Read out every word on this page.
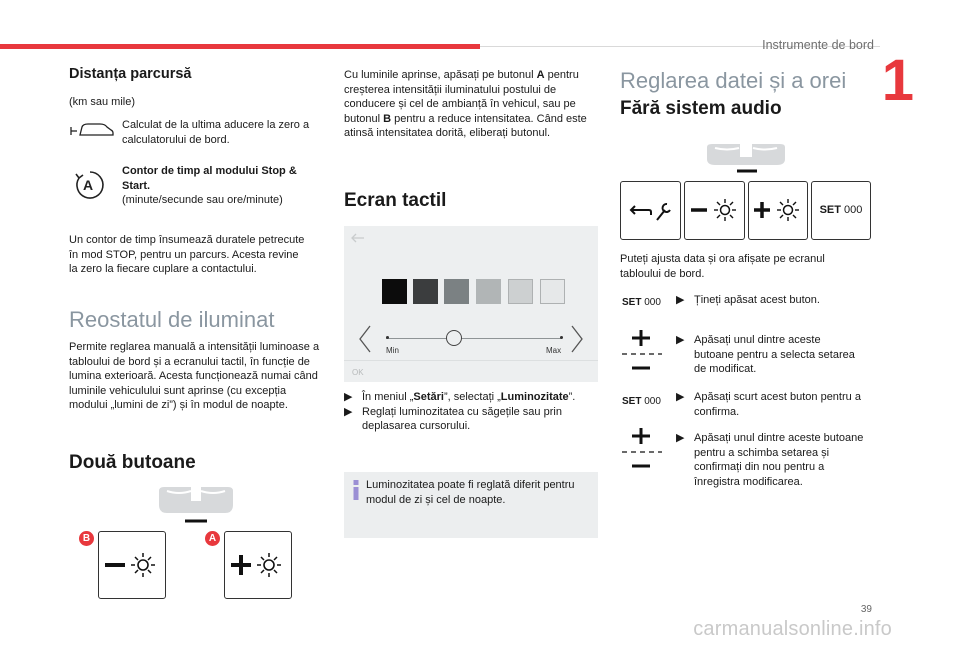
Instrumente de bord
1
Distanța parcursă
(km sau mile)
Calculat de la ultima aducere la zero a calculatorului de bord.
A
Contor de timp al modului Stop & Start.
(minute/secunde sau ore/minute)
Un contor de timp însumează duratele petrecute în mod STOP, pentru un parcurs. Acesta revine la zero la fiecare cuplare a contactului.
Reostatul de iluminat
Permite reglarea manuală a intensității luminoase a tabloului de bord și a ecranului tactil, în funcție de lumina exterioară. Acesta funcționează numai când luminile vehiculului sunt aprinse (cu excepția modului „lumini de zi”) și în modul de noapte.
Două butoane
B	A
Cu luminile aprinse, apăsați pe butonul A pentru creșterea intensității iluminatului postului de conducere și cel de ambianță în vehicul, sau pe butonul B pentru a reduce intensitatea. Când este atinsă intensitatea dorită, eliberați butonul.
Ecran tactil
Min	Max
OK
▶ În meniul „Setări”, selectați „Luminozitate”.
▶ Reglați luminozitatea cu săgețile sau prin deplasarea cursorului.
Luminozitatea poate fi reglată diferit pentru modul de zi și cel de noapte.
Reglarea datei și a orei
Fără sistem audio
SET 000
Puteți ajusta data și ora afișate pe ecranul tabloului de bord.
SET 000 ▶ Țineți apăsat acest buton.
▶ Apăsați unul dintre aceste butoane pentru a selecta setarea de modificat.
SET 000 ▶ Apăsați scurt acest buton pentru a confirma.
▶ Apăsați unul dintre aceste butoane pentru a schimba setarea și confirmați din nou pentru a înregistra modificarea.
39
carmanualsonline.info
